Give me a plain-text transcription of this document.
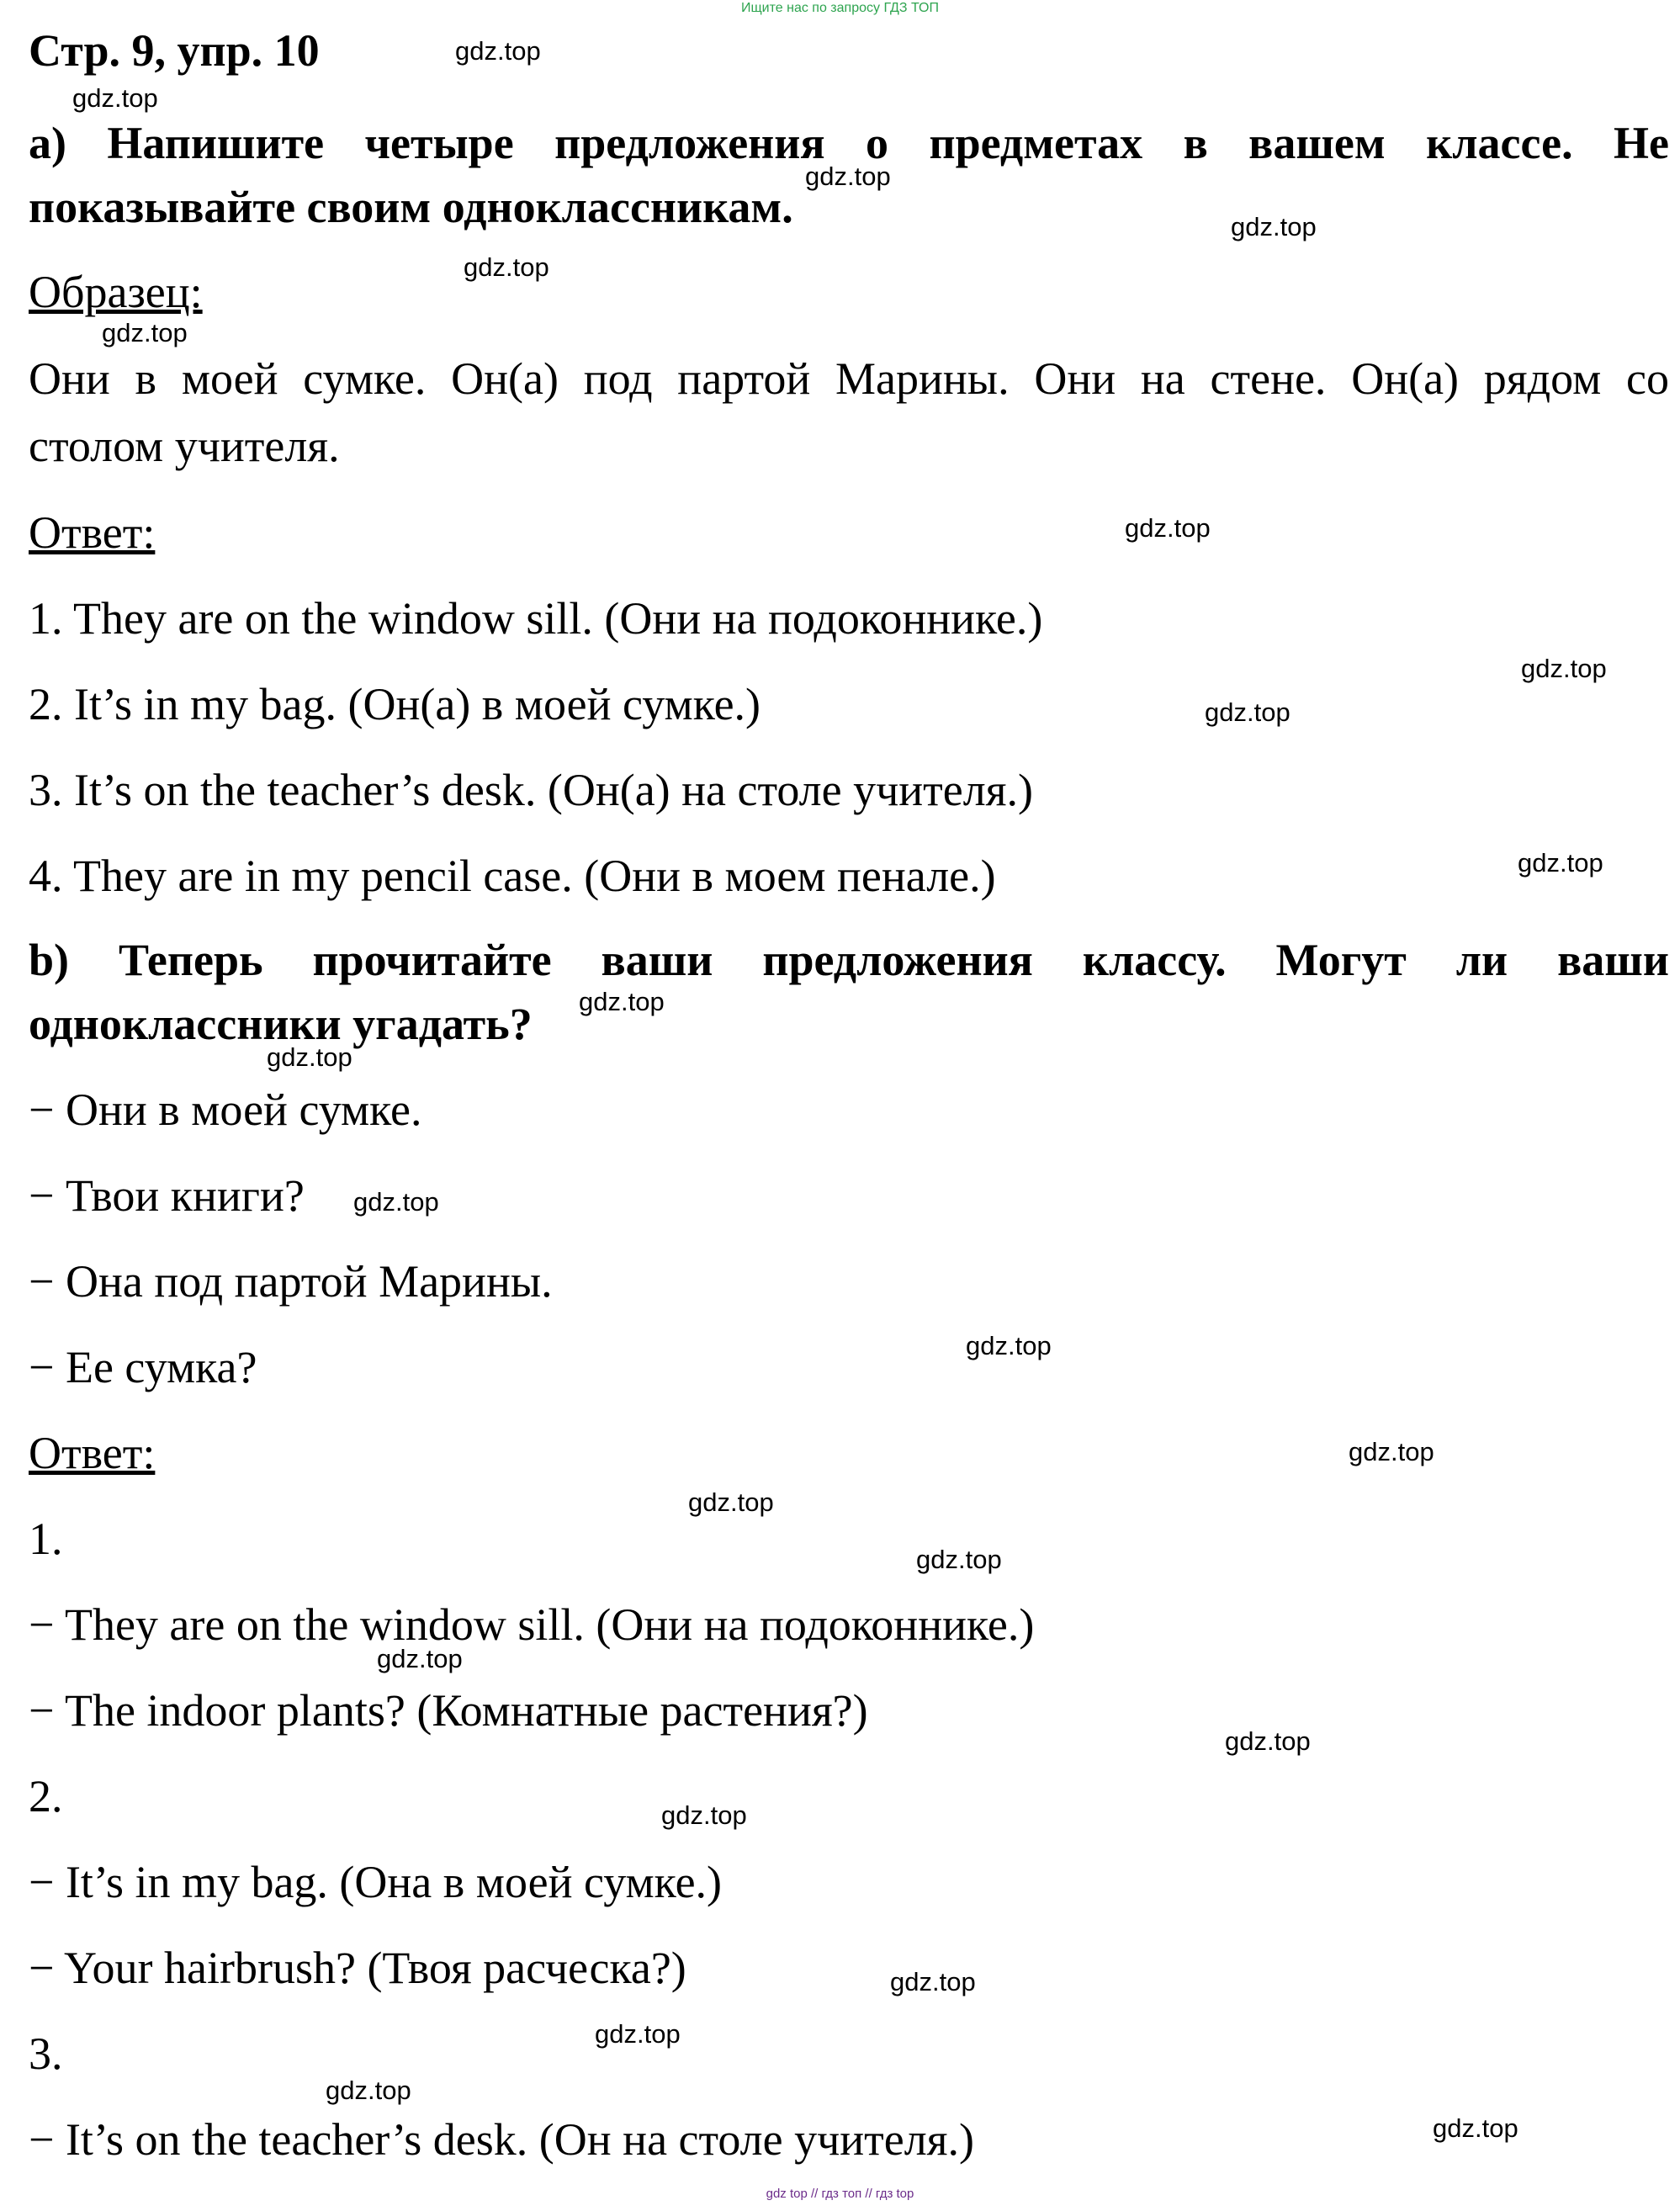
Ищите нас по запросу ГДЗ ТОП
Стр. 9, упр. 10
a) Напишите четыре предложения о предметах в вашем классе. Не
показывайте своим одноклассникам.
Образец:
Они в моей сумке. Он(а) под партой Марины. Они на стене. Он(а) рядом со
столом учителя.
Ответ:
1. They are on the window sill. (Они на подоконнике.)
2. It’s in my bag. (Он(а) в моей сумке.)
3. It’s on the teacher’s desk. (Он(а) на столе учителя.)
4. They are in my pencil case. (Они в моем пенале.)
b) Теперь прочитайте ваши предложения классу. Могут ли ваши
одноклассники угадать?
− Они в моей сумке.
− Твои книги?
− Она под партой Марины.
− Ее сумка?
Ответ:
1.
− They are on the window sill. (Они на подоконнике.)
− The indoor plants? (Комнатные растения?)
2.
− It’s in my bag. (Она в моей сумке.)
− Your hairbrush? (Твоя расческа?)
3.
− It’s on the teacher’s desk. (Он на столе учителя.)
gdz.top
gdz.top
gdz.top
gdz.top
gdz.top
gdz.top
gdz.top
gdz.top
gdz.top
gdz.top
gdz.top
gdz.top
gdz.top
gdz.top
gdz.top
gdz.top
gdz.top
gdz.top
gdz.top
gdz.top
gdz.top
gdz.top
gdz.top
gdz.top
gdz top // гдз топ // гдз top
